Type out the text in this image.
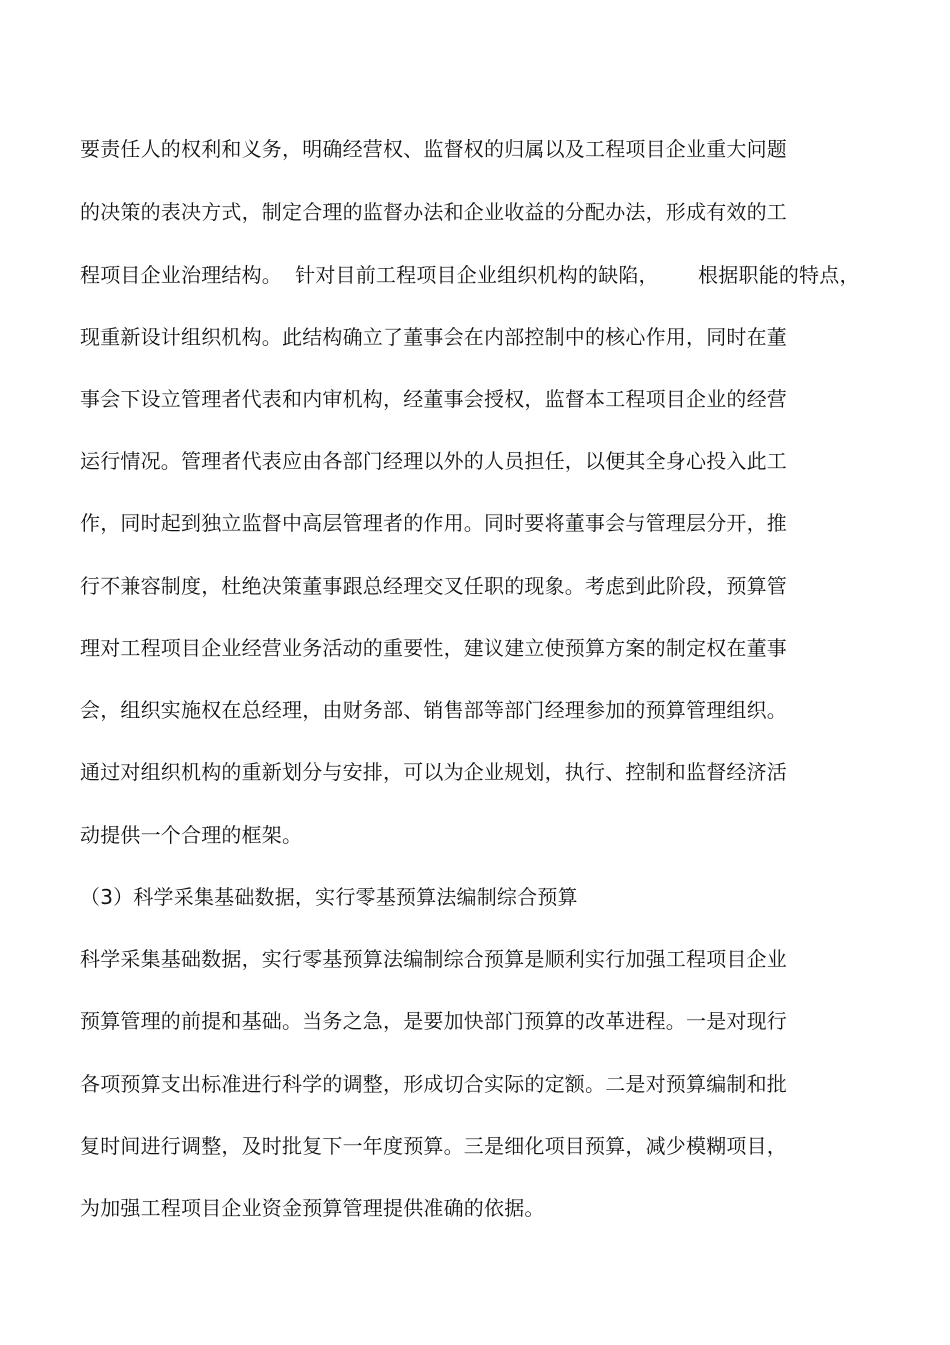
要责任人的权利和义务，明确经营权、监督权的归属以及工程项目企业重大问题
的决策的表决方式，制定合理的监督办法和企业收益的分配办法，形成有效的工
程项目企业治理结构。  针对目前工程项目企业组织机构的缺陷，      根据职能的特点，
现重新设计组织机构。此结构确立了董事会在内部控制中的核心作用，同时在董
事会下设立管理者代表和内审机构，经董事会授权，监督本工程项目企业的经营
运行情况。管理者代表应由各部门经理以外的人员担任，以便其全身心投入此工
作，同时起到独立监督中高层管理者的作用。同时要将董事会与管理层分开，推
行不兼容制度，杜绝决策董事跟总经理交叉任职的现象。考虑到此阶段，预算管
理对工程项目企业经营业务活动的重要性，建议建立使预算方案的制定权在董事
会，组织实施权在总经理，由财务部、销售部等部门经理参加的预算管理组织。
通过对组织机构的重新划分与安排，可以为企业规划，执行、控制和监督经济活
动提供一个合理的框架。
（3）科学采集基础数据，实行零基预算法编制综合预算
科学采集基础数据，实行零基预算法编制综合预算是顺利实行加强工程项目企业
预算管理的前提和基础。当务之急，是要加快部门预算的改革进程。一是对现行
各项预算支出标准进行科学的调整，形成切合实际的定额。二是对预算编制和批
复时间进行调整，及时批复下一年度预算。三是细化项目预算，减少模糊项目，
为加强工程项目企业资金预算管理提供准确的依据。
